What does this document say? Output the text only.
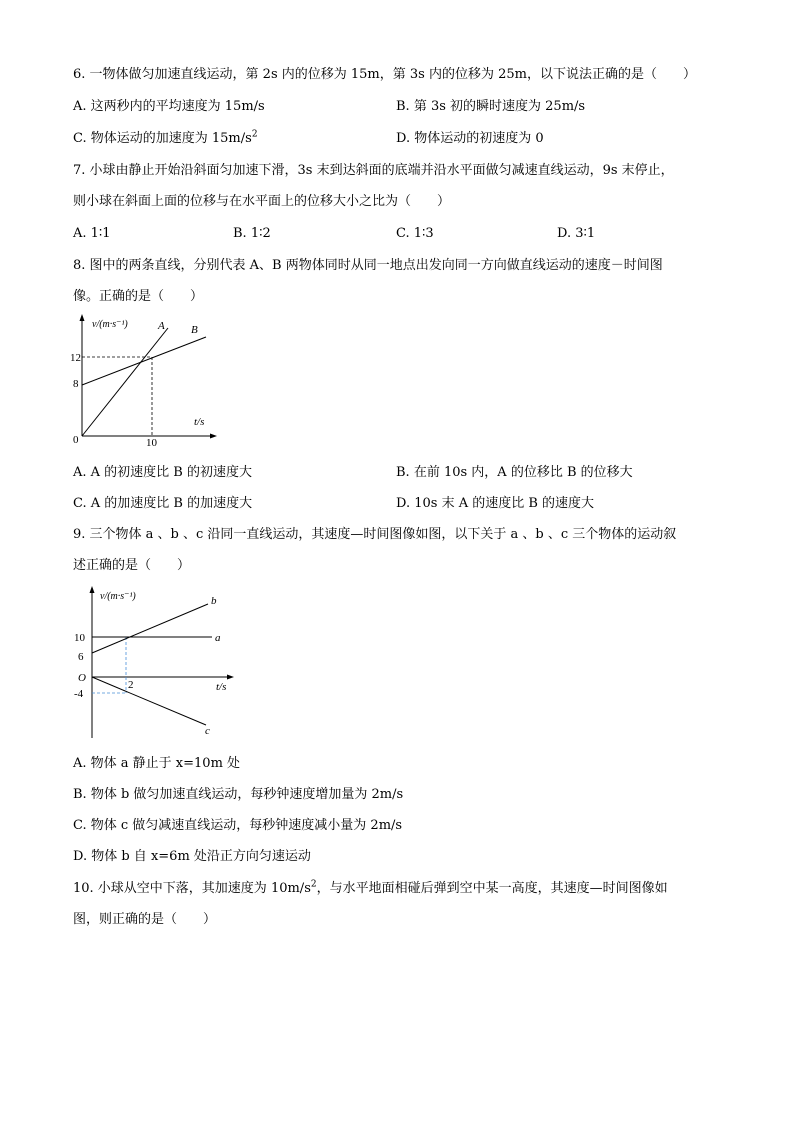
6. 一物体做匀加速直线运动，第 2s 内的位移为 15m，第 3s 内的位移为 25m，以下说法正确的是（　　）
A. 这两秒内的平均速度为 15m/s	B. 第 3s 初的瞬时速度为 25m/s
C. 物体运动的加速度为 $15m/s^2$	D. 物体运动的初速度为 0
7. 小球由静止开始沿斜面匀加速下滑，3s 末到达斜面的底端并沿水平面做匀减速直线运动，9s 末停止，
则小球在斜面上面的位移与在水平面上的位移大小之比为（　　）
A. 1∶1	B. 1∶2	C. 1∶3	D. 3∶1
8. 图中的两条直线，分别代表 A、B 两物体同时从同一地点出发向同一方向做直线运动的速度－时间图
像。正确的是（　　）
v/(m·s⁻¹)	A B
12
8
0	10
t/s
A. A 的初速度比 B 的初速度大	B. 在前 10s 内，A 的位移比 B 的位移大
C. A 的加速度比 B 的加速度大	D. 10s 末 A 的速度比 B 的速度大
9. 三个物体 a 、b 、c 沿同一直线运动，其速度—时间图像如图，以下关于 a 、b 、c 三个物体的运动叙
述正确的是（　　）
v/(m·s⁻¹)	b
a
c
10
6
O
-4
2	t/s
A. 物体 a 静止于 x=10m 处
B. 物体 b 做匀加速直线运动，每秒钟速度增加量为 2m/s
C. 物体 c 做匀减速直线运动，每秒钟速度减小量为 2m/s
D. 物体 b 自 x=6m 处沿正方向匀速运动
10. 小球从空中下落，其加速度为 $10m/s^2$，与水平地面相碰后弹到空中某一高度，其速度—时间图像如
图，则正确的是（　　）
